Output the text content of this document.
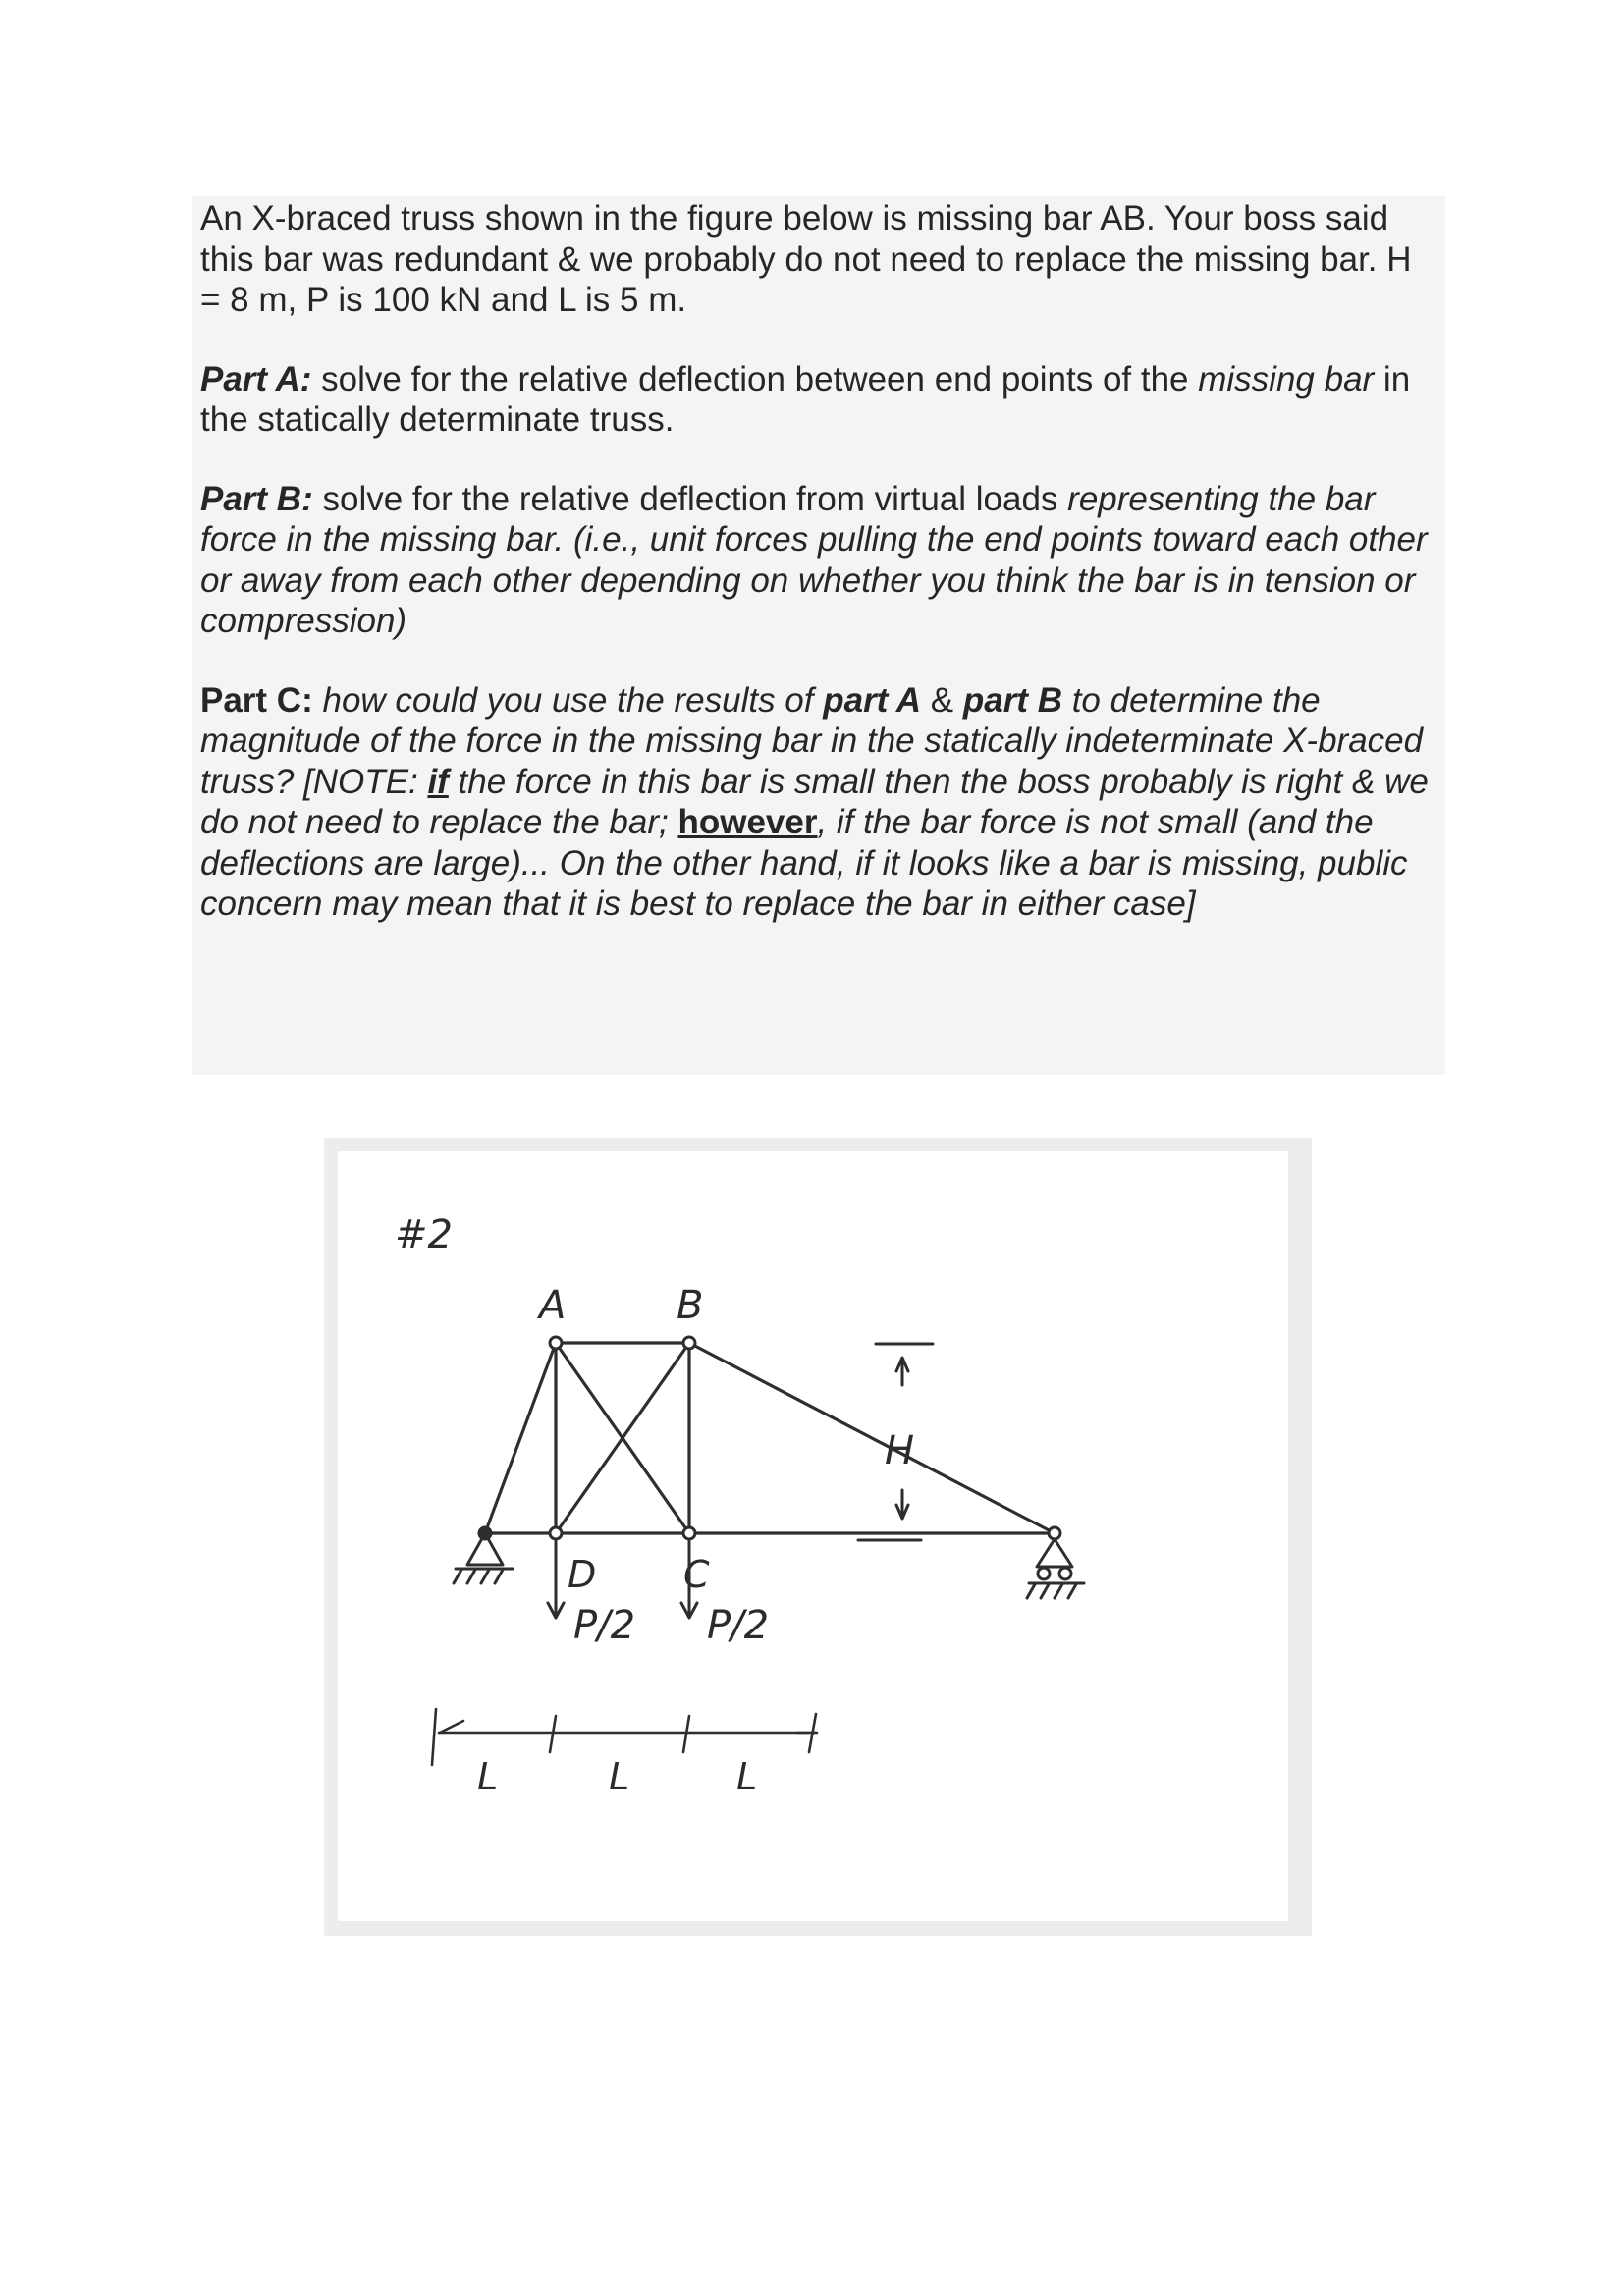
An X-braced truss shown in the figure below is missing bar AB. Your boss said this bar was redundant & we probably do not need to replace the missing bar. H = 8 m, P is 100 kN and L is 5 m.

Part A: solve for the relative deflection between end points of the missing bar in the statically determinate truss.

Part B: solve for the relative deflection from virtual loads representing the bar force in the missing bar. (i.e., unit forces pulling the end points toward each other or away from each other depending on whether you think the bar is in tension or compression)

Part C: how could you use the results of part A & part B to determine the magnitude of the force in the missing bar in the statically indeterminate X-braced truss? [NOTE: if the force in this bar is small then the boss probably is right & we do not need to replace the bar; however, if the bar force is not small (and the deflections are large)... On the other hand, if it looks like a bar is missing, public concern may mean that it is best to replace the bar in either case]

#2
A	B
C
D
P/2 P/2
H
L	L	L
